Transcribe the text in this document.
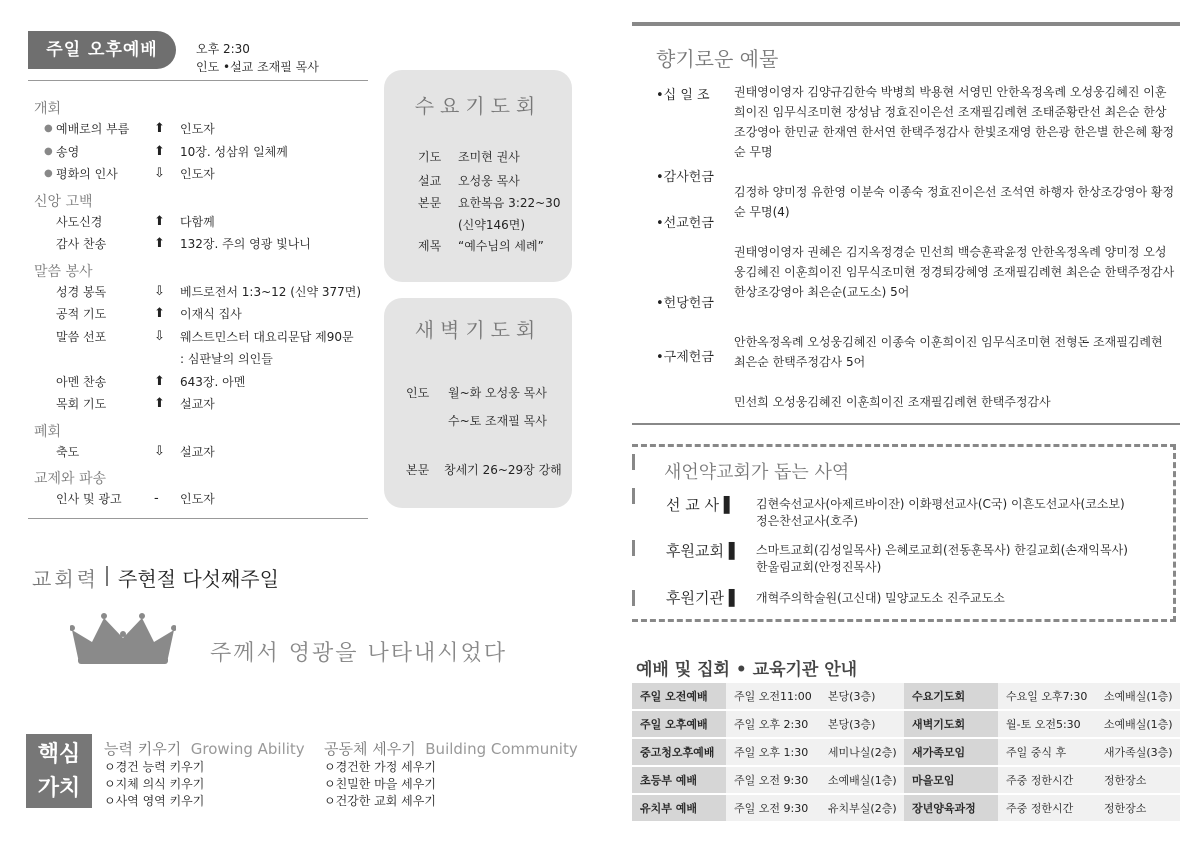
주일 오후예배	오후 2:30
인도 •설교 조재필 목사
개회
● 예배로의 부름 ⬆ 인도자
● 송영	⬆ 10장. 성삼위 일체께
● 평화의 인사	⇩ 인도자
신앙 고백
사도신경	⬆ 다함께
감사 찬송	⬆ 132장. 주의 영광 빛나니
말씀 봉사
성경 봉독	⇩ 베드로전서 1:3~12 (신약 377면)
공적 기도	⬆ 이재식 집사
말씀 선포	⇩ 웨스트민스터 대요리문답 제90문
: 심판날의 의인들
아멘 찬송	⬆ 643장. 아멘
목회 기도	⬆ 설교자
폐회
축도	⇩ 설교자
교제와 파송
인사 및 광고 - 인도자
수요기도회
기도 조미현 권사
설교 오성웅 목사
본문 요한복음 3:22~30
(신약146면)
제목 “예수님의 세례”
새벽기도회
인도 월~화 오성웅 목사
수~토 조재필 목사
본문 창세기 26~29장 강해
교회력 주현절 다섯째주일
주께서 영광을 나타내시었다
핵심
가치
능력 키우기 Growing Ability
ㅇ경건 능력 키우기
ㅇ지체 의식 키우기
ㅇ사역 영역 키우기
공동체 세우기 Building Community
ㅇ경건한 가정 세우기
ㅇ친밀한 마을 세우기
ㅇ건강한 교회 세우기
향기로운 예물
•십 일 조 권태영이영자 김양규김한숙 박병희 박용현 서영민 안한옥정옥례 오성웅김혜진 이훈희이진 임무식조미현 장성남 정효진이은선 조재필김례현 조태준황란선 최은순 한상조강영아 한민균 한재연 한서연 한택주정감사 한빛조재영 한은광 한은별 한은혜 황정순 무명
•감사헌금
김정하 양미정 유한영 이분숙 이종숙 정효진이은선 조석연 하행자 한상조강영아 황정순 무명(4)
•선교헌금
권태영이영자 권혜은 김지옥정경순 민선희 백승훈곽윤정 안한옥정옥례 양미정 오성웅김혜진 이훈희이진 임무식조미현 정경퇴강혜영 조재필김례현 최은순 한택주정감사 한상조강영아 최은순(교도소) 5어
•헌당헌금
안한옥정옥례 오성웅김혜진 이종숙 이훈희이진 임무식조미현 전형돈 조재필김례현 최은순 한택주정감사 5어
•구제헌금
민선희 오성웅김혜진 이훈희이진 조재필김례현 한택주정감사
새언약교회가 돕는 사역
선 교 사 ▌ 김현숙선교사(아제르바이잔) 이화평선교사(C국) 이흔도선교사(코소보)
정은찬선교사(호주)
후원교회 ▌ 스마트교회(김성일목사) 은혜로교회(전동훈목사) 한길교회(손재익목사)
한울림교회(안정진목사)
후원기관 ▌ 개혁주의학술원(고신대) 밀양교도소 진주교도소
예배 및 집회 • 교육기관 안내
주일 오전예배	주일 오전11:00	본당(3층)	수요기도회	수요일 오후7:30	소예배실(1층)
주일 오후예배	주일 오후 2:30	본당(3층)	새벽기도회	월-토 오전5:30	소예배실(1층)
중고청오후예배	주일 오후 1:30	세미나실(2층)	새가족모임	주일 중식 후	새가족실(3층)
초등부 예배	주일 오전 9:30	소예배실(1층)	마을모임	주중 정한시간	정한장소
유치부 예배	주일 오전 9:30	유치부실(2층)	장년양육과정	주중 정한시간	정한장소
